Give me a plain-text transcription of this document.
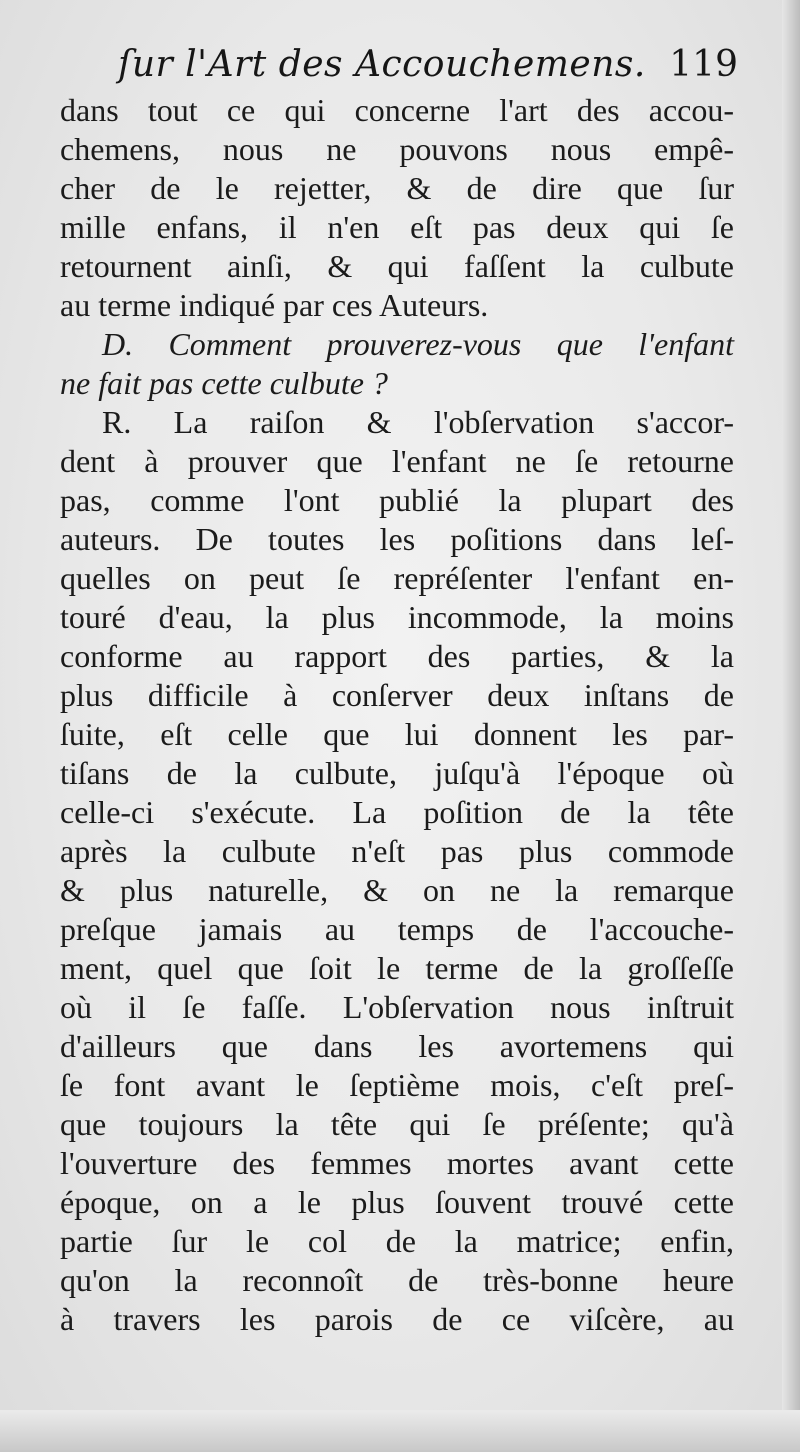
ſur l'Art des Accouchemens. 119
dans tout ce qui concerne l'art des accou-
chemens, nous ne pouvons nous empê-
cher de le rejetter, & de dire que ſur
mille enfans, il n'en eſt pas deux qui ſe
retournent ainſi, & qui faſſent la culbute
au terme indiqué par ces Auteurs.
D. Comment prouverez-vous que l'enfant
ne fait pas cette culbute ?
R. La raiſon & l'obſervation s'accor-
dent à prouver que l'enfant ne ſe retourne
pas, comme l'ont publié la plupart des
auteurs. De toutes les poſitions dans leſ-
quelles on peut ſe repréſenter l'enfant en-
touré d'eau, la plus incommode, la moins
conforme au rapport des parties, & la
plus difficile à conſerver deux inſtans de
ſuite, eſt celle que lui donnent les par-
tiſans de la culbute, juſqu'à l'époque où
celle-ci s'exécute. La poſition de la tête
après la culbute n'eſt pas plus commode
& plus naturelle, & on ne la remarque
preſque jamais au temps de l'accouche-
ment, quel que ſoit le terme de la groſſeſſe
où il ſe faſſe. L'obſervation nous inſtruit
d'ailleurs que dans les avortemens qui
ſe font avant le ſeptième mois, c'eſt preſ-
que toujours la tête qui ſe préſente; qu'à
l'ouverture des femmes mortes avant cette
époque, on a le plus ſouvent trouvé cette
partie ſur le col de la matrice; enfin,
qu'on la reconnoît de très-bonne heure
à travers les parois de ce viſcère, au
